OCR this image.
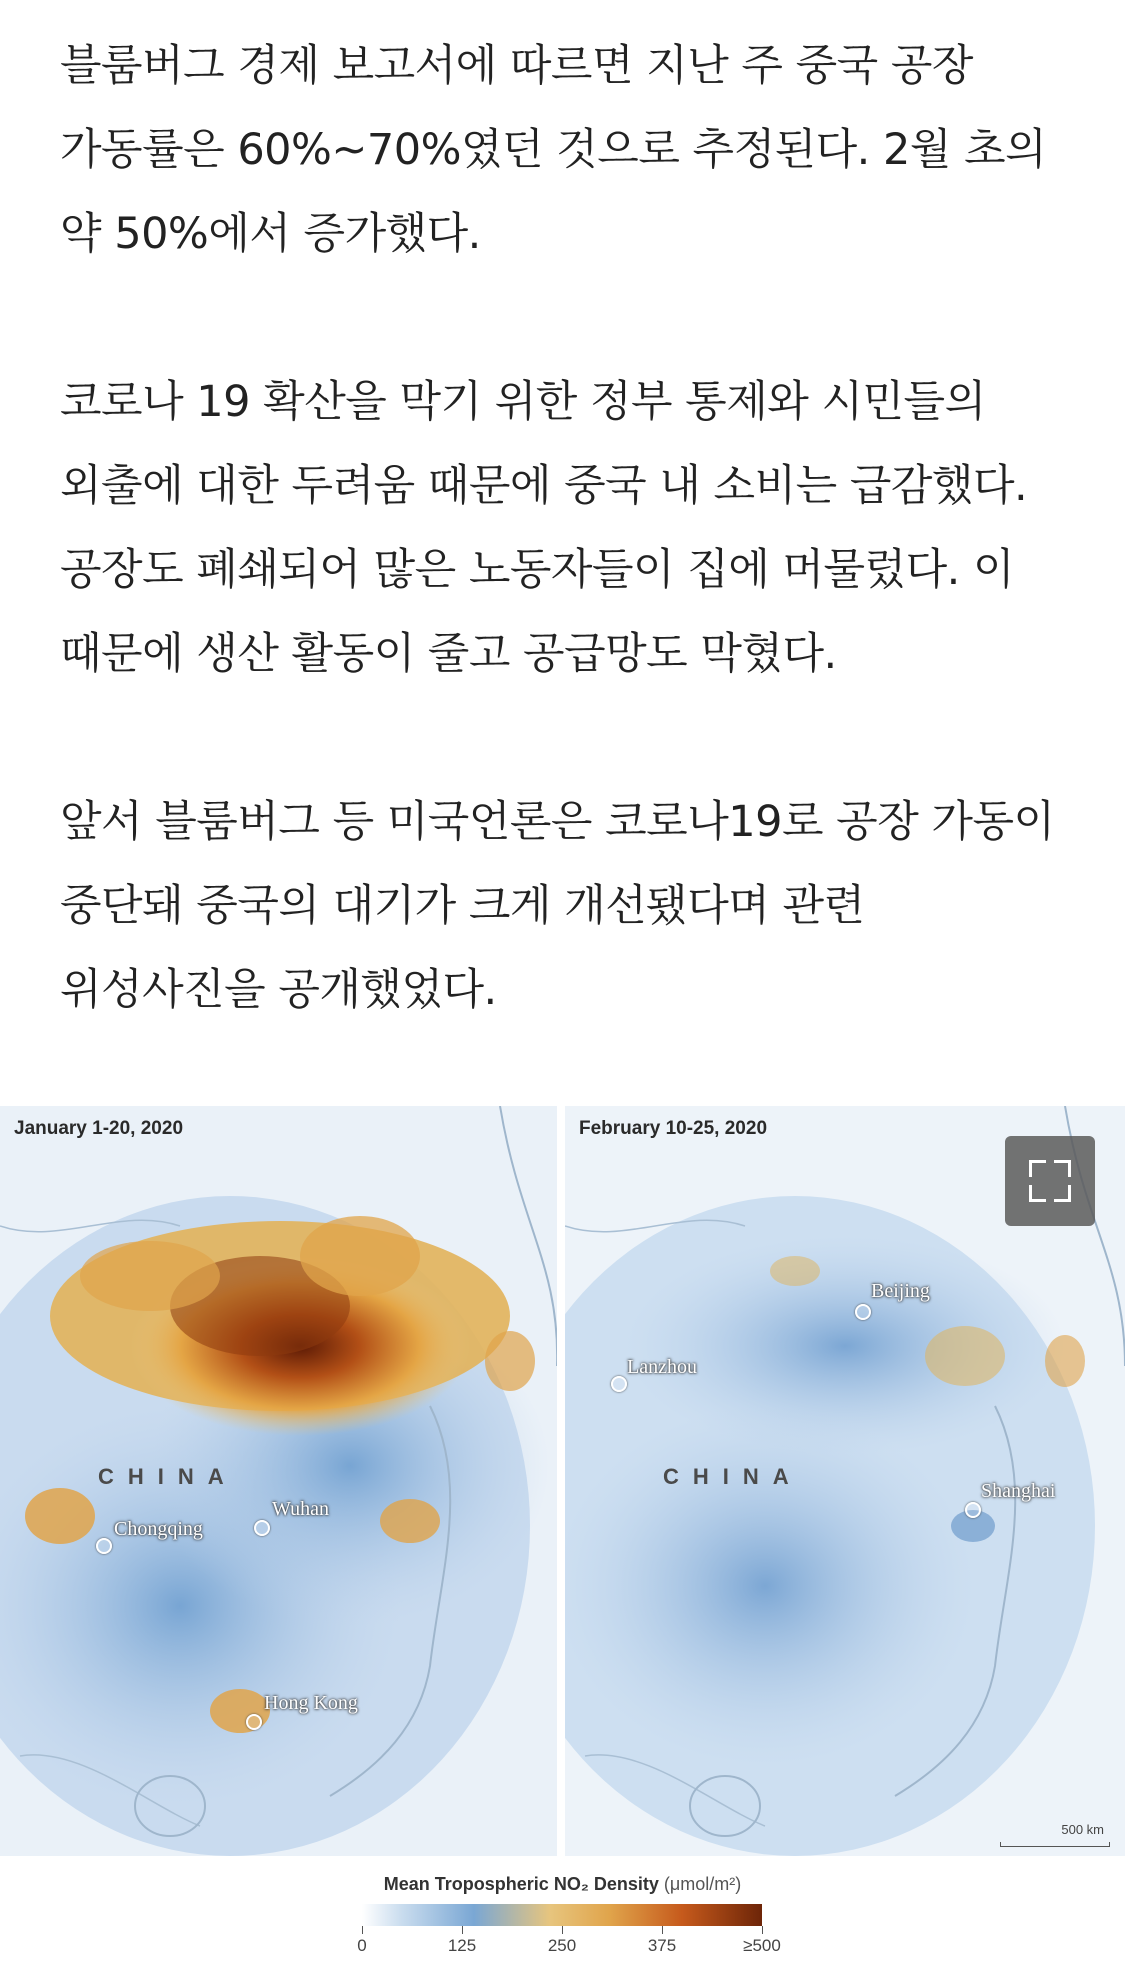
블룸버그 경제 보고서에 따르면 지난 주 중국 공장 가동률은 60%~70%였던 것으로 추정된다. 2월 초의 약 50%에서 증가했다.

코로나 19 확산을 막기 위한 정부 통제와 시민들의 외출에 대한 두려움 때문에 중국 내 소비는 급감했다. 공장도 폐쇄되어 많은 노동자들이 집에 머물렀다. 이 때문에 생산 활동이 줄고 공급망도 막혔다.

앞서 블룸버그 등 미국언론은 코로나19로 공장 가동이 중단돼 중국의 대기가 크게 개선됐다며 관련 위성사진을 공개했었다.

January 1-20, 2020
CHINA
Chongqing
Wuhan
Hong Kong
February 10-25, 2020
CHINA
Beijing
Lanzhou
Shanghai
500 km
Mean Tropospheric NO₂ Density (μmol/m²)
0	125	250	375	≥500
